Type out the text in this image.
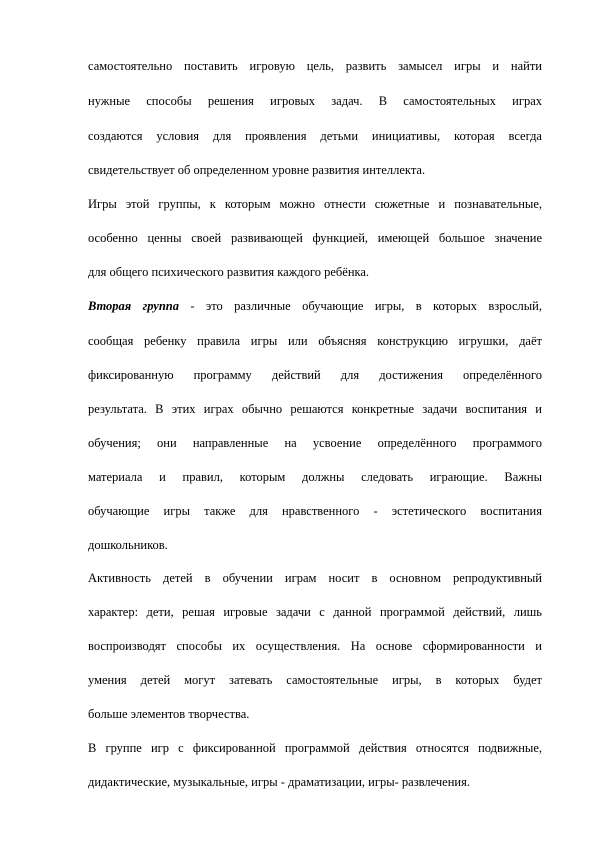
самостоятельно поставить игровую цель, развить замысел игры и найти
нужные способы решения игровых задач. В самостоятельных играх
создаются условия для проявления детьми инициативы, которая всегда
свидетельствует об определенном уровне развития интеллекта.
Игры этой группы, к которым можно отнести сюжетные и познавательные,
особенно ценны своей развивающей функцией, имеющей большое значение
для общего психического развития каждого ребёнка.
Вторая группа - это различные обучающие игры, в которых взрослый,
сообщая ребенку правила игры или объясняя конструкцию игрушки, даёт
фиксированную программу действий для достижения определённого
результата. В этих играх обычно решаются конкретные задачи воспитания и
обучения; они направленные на усвоение определённого программого
материала и правил, которым должны следовать играющие. Важны
обучающие игры также для нравственного - эстетического воспитания
дошкольников.
Активность детей в обучении играм носит в основном репродуктивный
характер: дети, решая игровые задачи с данной программой действий, лишь
воспроизводят способы их осуществления. На основе сформированности и
умения детей могут затевать самостоятельные игры, в которых будет
больше элементов творчества.
В группе игр с фиксированной программой действия относятся подвижные,
дидактические, музыкальные, игры - драматизации, игры- развлечения.
